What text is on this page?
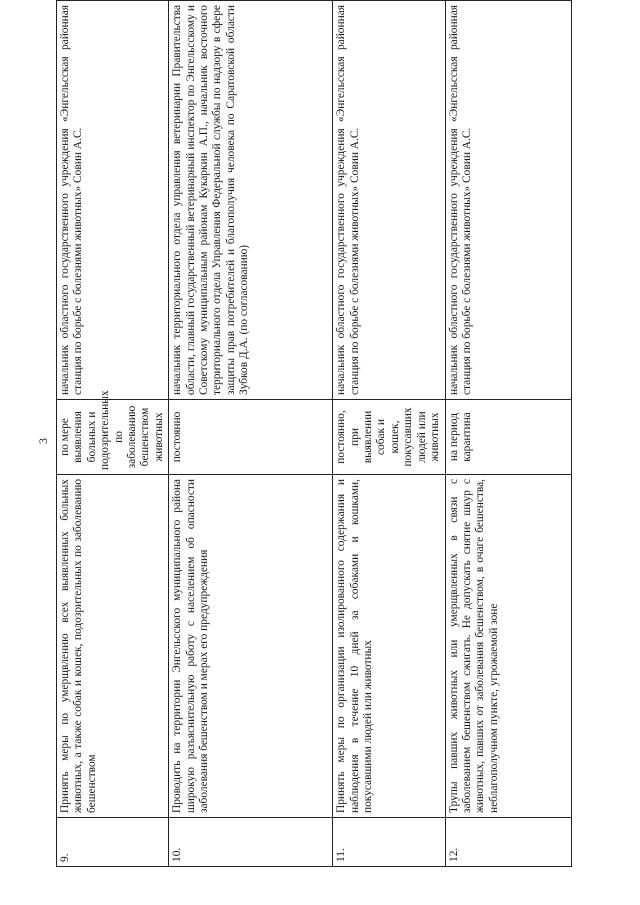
3
9.	Принять меры по умерщвлению всех выявленных больных животных, а также собак и кошек, подозрительных по заболеванию бешенством	по мере выявления больных и подозрительных по заболеванию бешенством животных	начальник областного государственного учреждения «Энгельсская районная станция по борьбе с болезнями животных» Совин А.С.
10.	Проводить на территории Энгельсского муниципального района широкую разъяснительную работу с населением об опасности заболевания бешенством и мерах его предупреждения	постоянно	начальник территориального отдела управления ветеринарии Правительства области, главный государственный ветеринарный инспектор по Энгельсскому и Советскому муниципальным районам Кукаркин А.П., начальник восточного территориального отдела Управления Федеральной службы по надзору в сфере защиты прав потребителей и благополучия человека по Саратовской области Зубков Д.А. (по согласованию)
11.	Принять меры по организации изолированного содержания и наблюдения в течение 10 дней за собаками и кошками, покусавшими людей или животных	постоянно, при выявлении собак и кошек, покусавших людей или животных	начальник областного государственного учреждения «Энгельсская районная станция по борьбе с болезнями животных» Совин А.С.
12.	Трупы павших животных или умерщвленных в связи с заболеванием бешенством сжигать. Не допускать снятие шкур с животных, павших от заболевания бешенством, в очаге бешенства, неблагополучном пункте, угрожаемой зоне	на период карантина	начальник областного государственного учреждения «Энгельсская районная станция по борьбе с болезнями животных» Совин А.С.
